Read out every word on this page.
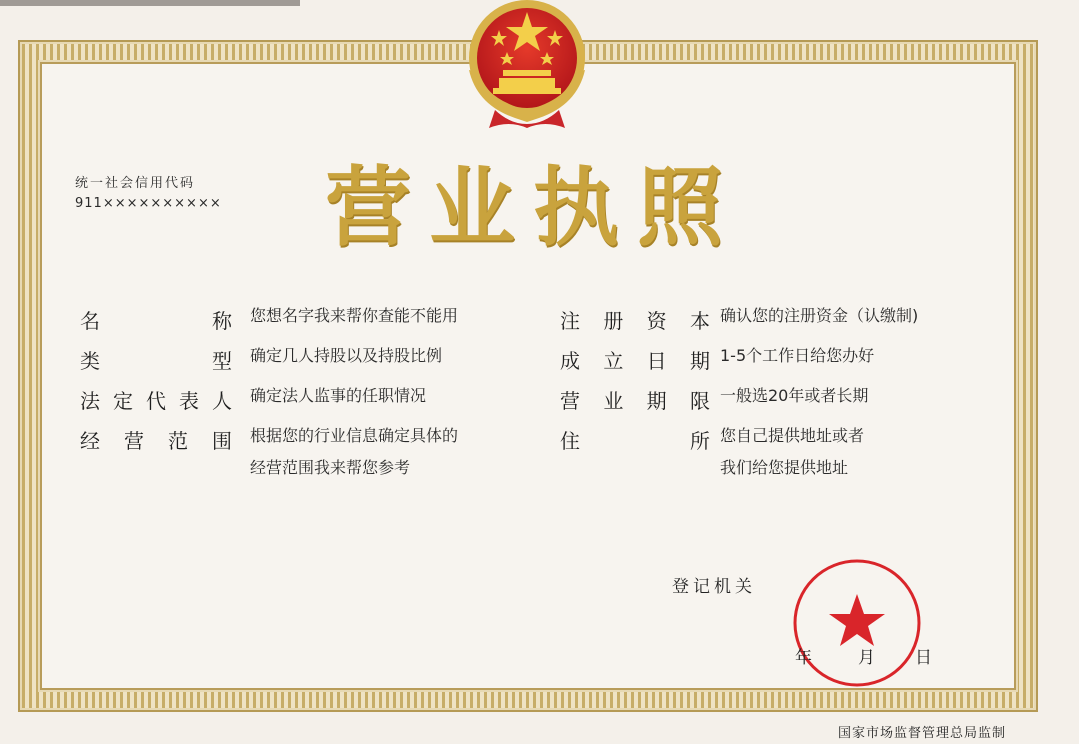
统一社会信用代码
911×××××××××× 营业执照
名	称 您想名字我来帮你查能不能用
类	型 确定几人持股以及持股比例
法 定 代 表 人 确定法人监事的任职情况
经 营 范 围 根据您的行业信息确定具体的
经营范围我来帮您参考
注 册 资 本 确认您的注册资金（认缴制)
成 立 日 期 1-5个工作日给您办好
营 业 期 限 一般选20年或者长期
住	所 您自己提供地址或者
我们给您提供地址
登记机关
年	月 日
国家市场监督管理总局监制
